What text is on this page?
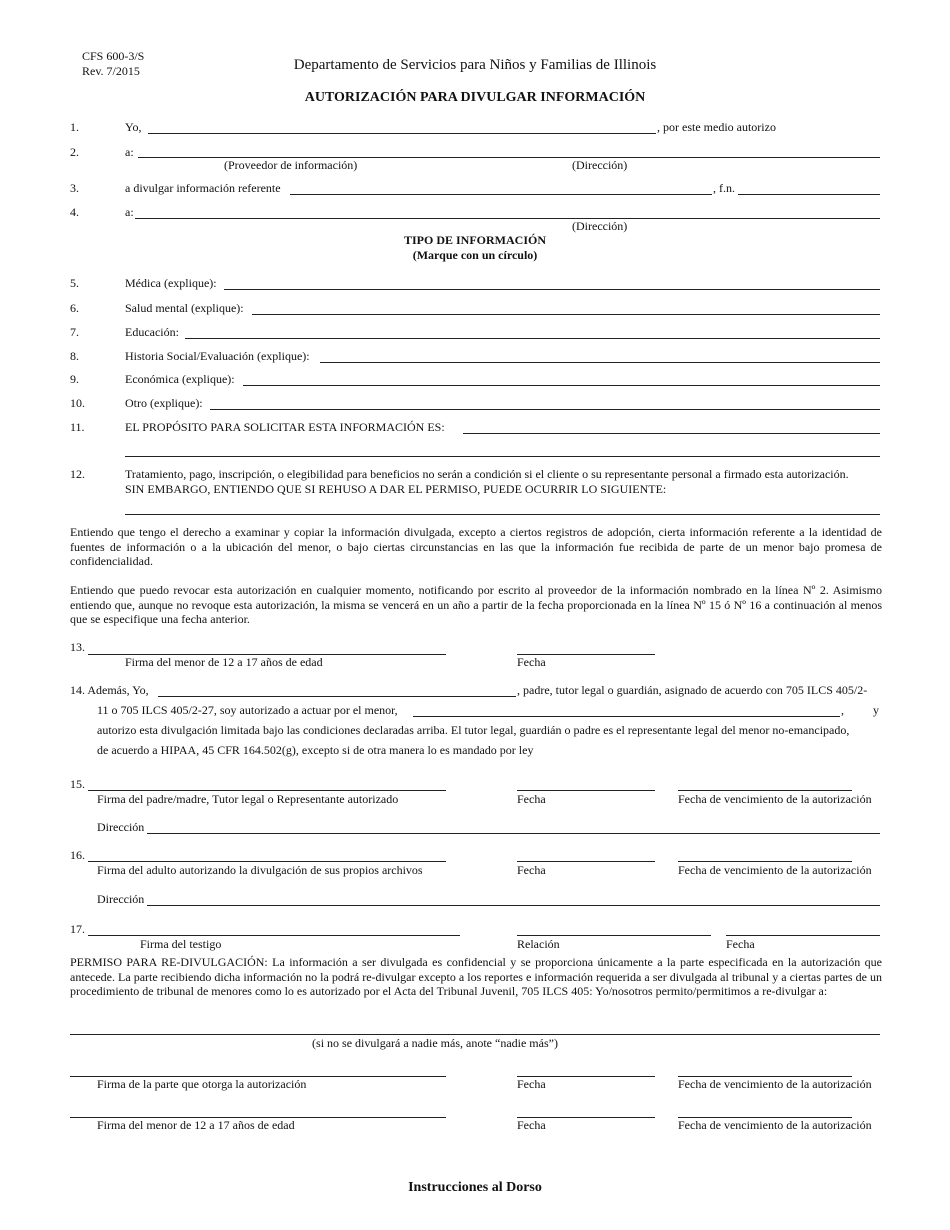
CFS 600-3/S
Rev. 7/2015	Departamento de Servicios para Niños y Familias de Illinois
AUTORIZACIÓN PARA DIVULGAR INFORMACIÓN
1.	Yo,	, por este medio autorizo
2.	a:
(Proveedor de información)	(Dirección)
3.	a divulgar información referente	, f.n.
4.	a:
(Dirección)
TIPO DE INFORMACIÓN
(Marque con un círculo)
5.	Médica (explique):
6.	Salud mental (explique):
7.	Educación:
8.	Historia Social/Evaluación (explique):
9.	Económica (explique):
10.	Otro (explique):
11.	EL PROPÓSITO PARA SOLICITAR ESTA INFORMACIÓN ES:
12.	Tratamiento, pago, inscripción, o elegibilidad para beneficios no serán a condición si el cliente o su representante personal a firmado esta autorización.
SIN EMBARGO, ENTIENDO QUE SI REHUSO A DAR EL PERMISO, PUEDE OCURRIR LO SIGUIENTE:
Entiendo que tengo el derecho a examinar y copiar la información divulgada, excepto a ciertos registros de adopción, cierta información referente a la identidad de fuentes de información o a la ubicación del menor, o bajo ciertas circunstancias en las que la información fue recibida de parte de un menor bajo promesa de confidencialidad.
Entiendo que puedo revocar esta autorización en cualquier momento, notificando por escrito al proveedor de la información nombrado en la línea Nº 2. Asimismo entiendo que, aunque no revoque esta autorización, la misma se vencerá en un año a partir de la fecha proporcionada en la línea Nº 15 ó Nº 16 a continuación al menos que se especifique una fecha anterior.
13.
Firma del menor de 12 a 17 años de edad	Fecha
14. Además, Yo,	, padre, tutor legal o guardián, asignado de acuerdo con 705 ILCS 405/2-
11 o 705 ILCS 405/2-27, soy autorizado a actuar por el menor,	, y
autorizo esta divulgación limitada bajo las condiciones declaradas arriba. El tutor legal, guardián o padre es el representante legal del menor no-emancipado,
de acuerdo a HIPAA, 45 CFR 164.502(g), excepto si de otra manera lo es mandado por ley
15.
Firma del padre/madre, Tutor legal o Representante autorizado	Fecha	Fecha de vencimiento de la autorización
Dirección
16.
Firma del adulto autorizando la divulgación de sus propios archivos	Fecha	Fecha de vencimiento de la autorización
Dirección
17.
Firma del testigo	Relación	Fecha
PERMISO PARA RE-DIVULGACIÓN: La información a ser divulgada es confidencial y se proporciona únicamente a la parte especificada en la autorización que antecede. La parte recibiendo dicha información no la podrá re-divulgar excepto a los reportes e información requerida a ser divulgada al tribunal y a ciertas partes de un procedimiento de tribunal de menores como lo es autorizado por el Acta del Tribunal Juvenil, 705 ILCS 405: Yo/nosotros permito/permitimos a re-divulgar a:
(si no se divulgará a nadie más, anote “nadie más”)
Firma de la parte que otorga la autorización	Fecha	Fecha de vencimiento de la autorización
Firma del menor de 12 a 17 años de edad	Fecha	Fecha de vencimiento de la autorización
Instrucciones al Dorso
